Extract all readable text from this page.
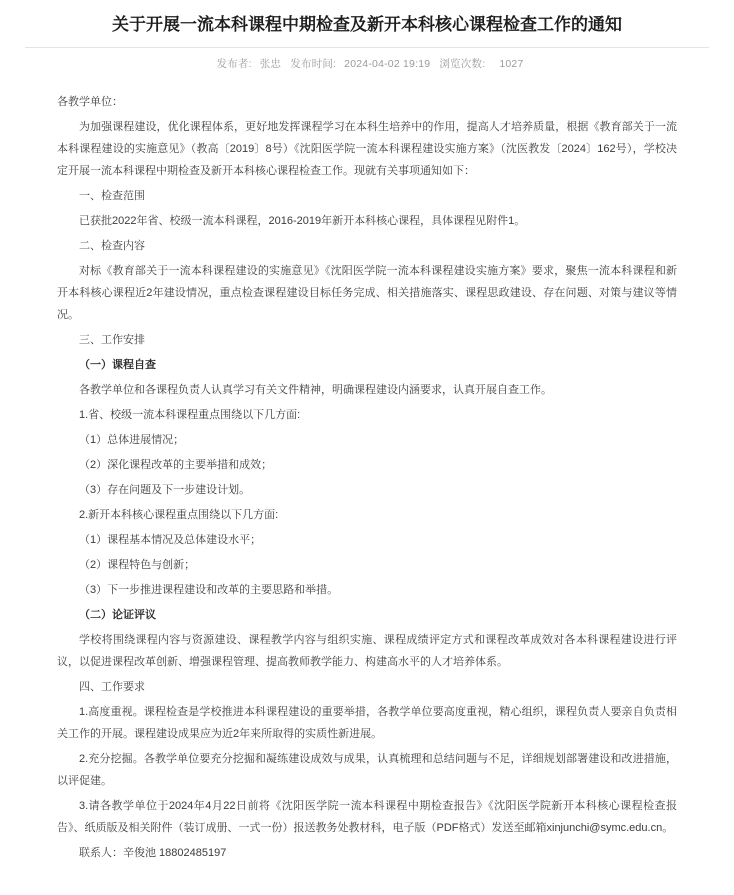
关于开展一流本科课程中期检查及新开本科核心课程检查工作的通知
发布者: 张忠 发布时间: 2024-04-02 19:19 浏览次数: 1027

各教学单位：

为加强课程建设，优化课程体系，更好地发挥课程学习在本科生培养中的作用，提高人才培养质量，根据《教育部关于一流本科课程建设的实施意见》（教高〔2019〕8号）《沈阳医学院一流本科课程建设实施方案》（沈医教发〔2024〕162号），学校决定开展一流本科课程中期检查及新开本科核心课程检查工作。现就有关事项通知如下：

一、检查范围

已获批2022年省、校级一流本科课程，2016-2019年新开本科核心课程，具体课程见附件1。

二、检查内容

对标《教育部关于一流本科课程建设的实施意见》《沈阳医学院一流本科课程建设实施方案》要求，聚焦一流本科课程和新开本科核心课程近2年建设情况，重点检查课程建设目标任务完成、相关措施落实、课程思政建设、存在问题、对策与建议等情况。

三、工作安排

（一）课程自查

各教学单位和各课程负责人认真学习有关文件精神，明确课程建设内涵要求，认真开展自查工作。

1.省、校级一流本科课程重点围绕以下几方面:

（1）总体进展情况；

（2）深化课程改革的主要举措和成效；

（3）存在问题及下一步建设计划。

2.新开本科核心课程重点围绕以下几方面:

（1）课程基本情况及总体建设水平；

（2）课程特色与创新；

（3）下一步推进课程建设和改革的主要思路和举措。

（二）论证评议

学校将围绕课程内容与资源建设、课程教学内容与组织实施、课程成绩评定方式和课程改革成效对各本科课程建设进行评议，以促进课程改革创新、增强课程管理、提高教师教学能力、构建高水平的人才培养体系。

四、工作要求

1.高度重视。课程检查是学校推进本科课程建设的重要举措，各教学单位要高度重视，精心组织，课程负责人要亲自负责相关工作的开展。课程建设成果应为近2年来所取得的实质性新进展。

2.充分挖掘。各教学单位要充分挖掘和凝练建设成效与成果，认真梳理和总结问题与不足，详细规划部署建设和改进措施，以评促建。

3.请各教学单位于2024年4月22日前将《沈阳医学院一流本科课程中期检查报告》《沈阳医学院新开本科核心课程检查报告》、纸质版及相关附件（装订成册、一式一份）报送教务处教材科，电子版（PDF格式）发送至邮箱xinjunchi@symc.edu.cn。

联系人：辛俊池 18802485197
